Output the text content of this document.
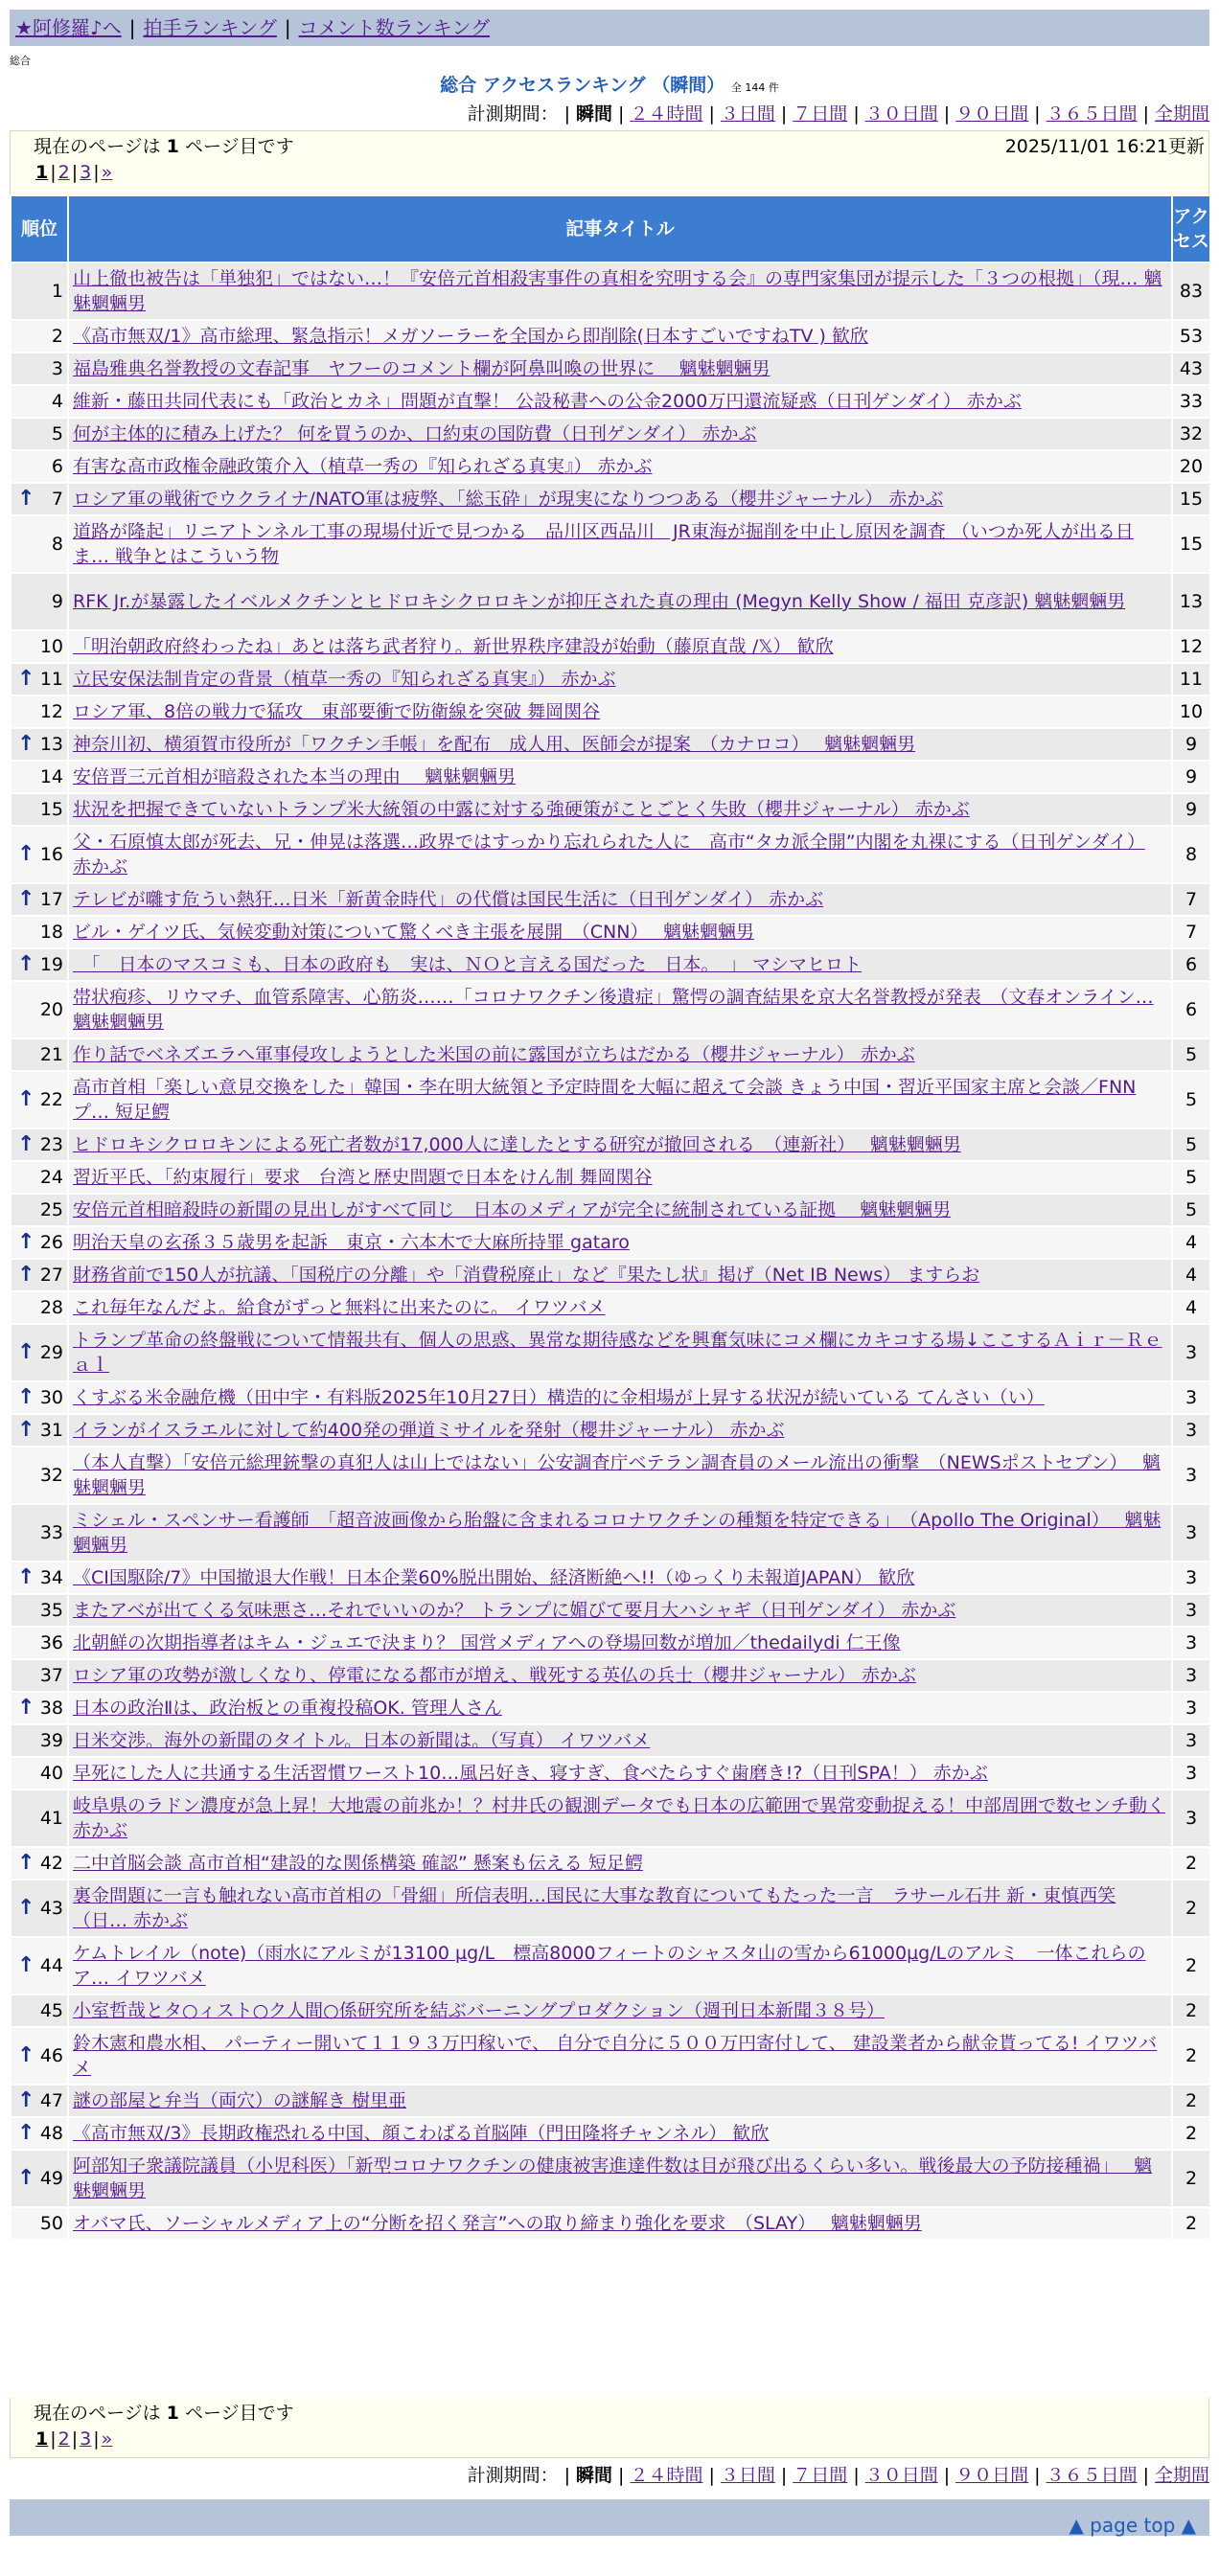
★阿修羅♪へ | 拍手ランキング | コメント数ランキング
総合
総合 アクセスランキング （瞬間） 全 144 件
計測期間： | 瞬間 | ２４時間 | ３日間 | ７日間 | ３０日間 | ９０日間 | ３６５日間 | 全期間
現在のページは 1 ページ目です	2025/11/01 16:21更新
1 | 2 | 3 | »
順位	記事タイトル	アクセス
1	山上徹也被告は「単独犯」ではない…！『安倍元首相殺害事件の真相を究明する会』の専門家集団が提示した「３つの根拠」（現… 魑魅魍魎男	83
2	《高市無双/1》高市総理、緊急指示！メガソーラーを全国から即削除(日本すごいですねTV ) 歓欣	53
3	福島雅典名誉教授の文春記事　ヤフーのコメント欄が阿鼻叫喚の世界に　 魑魅魍魎男	43
4	維新・藤田共同代表にも「政治とカネ」問題が直撃！ 公設秘書への公金2000万円還流疑惑（日刊ゲンダイ） 赤かぶ	33
5	何が主体的に積み上げた？ 何を買うのか、口約束の国防費（日刊ゲンダイ） 赤かぶ	32
6	有害な高市政権金融政策介入（植草一秀の『知られざる真実』） 赤かぶ	20

↑ 7	ロシア軍の戦術でウクライナ/NATO軍は疲弊、「総玉砕」が現実になりつつある（櫻井ジャーナル） 赤かぶ	15
8	道路が隆起」リニアトンネル工事の現場付近で見つかる　品川区西品川　JR東海が掘削を中止し原因を調査 （いつか死人が出る日ま… 戦争とはこういう物	15
9	RFK Jr.が暴露したイベルメクチンとヒドロキシクロロキンが抑圧された真の理由 (Megyn Kelly Show / 福田 克彦訳) 魑魅魍魎男	13
10	「明治朝政府終わったね」あとは落ち武者狩り。新世界秩序建設が始動（藤原直哉 /𝕏） 歓欣	12

↑ 11	立民安保法制肯定の背景（植草一秀の『知られざる真実』） 赤かぶ	11
12	ロシア軍、8倍の戦力で猛攻　東部要衝で防衛線を突破 舞岡関谷	10

↑ 13	神奈川初、横須賀市役所が「ワクチン手帳」を配布　成人用、医師会が提案　（カナロコ）　 魑魅魍魎男	9
14	安倍晋三元首相が暗殺された本当の理由　 魑魅魍魎男	9
15	状況を把握できていないトランプ米大統領の中露に対する強硬策がことごとく失敗（櫻井ジャーナル） 赤かぶ	9

↑ 16	父・石原慎太郎が死去、兄・伸晃は落選…政界ではすっかり忘れられた人に　高市“タカ派全開”内閣を丸裸にする（日刊ゲンダイ） 赤かぶ	8

↑ 17	テレビが囃す危うい熱狂…日米「新黄金時代」の代償は国民生活に（日刊ゲンダイ） 赤かぶ	7
18	ビル・ゲイツ氏、気候変動対策について驚くべき主張を展開　（CNN）　 魑魅魍魎男	7

↑ 19	　「　日本のマスコミも、日本の政府も　実は、ＮＯと言える国だった　日本。　」 マシマヒロト	6
20	帯状疱疹、リウマチ、血管系障害、心筋炎……「コロナワクチン後遺症」驚愕の調査結果を京大名誉教授が発表　（文春オンライン… 魑魅魍魎男	6
21	作り話でベネズエラへ軍事侵攻しようとした米国の前に露国が立ちはだかる（櫻井ジャーナル） 赤かぶ	5

↑ 22	高市首相「楽しい意見交換をした」韓国・李在明大統領と予定時間を大幅に超えて会談 きょう中国・習近平国家主席と会談／FNNプ… 短足鰐	5

↑ 23	ヒドロキシクロロキンによる死亡者数が17,000人に達したとする研究が撤回される　（連新社）　 魑魅魍魎男	5
24	習近平氏、「約束履行」要求　台湾と歴史問題で日本をけん制 舞岡関谷	5
25	安倍元首相暗殺時の新聞の見出しがすべて同じ　日本のメディアが完全に統制されている証拠　 魑魅魍魎男	5

↑ 26	明治天皇の玄孫３５歳男を起訴　東京・六本木で大麻所持罪 gataro	4

↑ 27	財務省前で150人が抗議、「国税庁の分離」や「消費税廃止」など『果たし状』掲げ（Net IB News） ますらお	4
28	これ毎年なんだよ。給食がずっと無料に出来たのに。 イワツバメ	4

↑ 29	トランプ革命の終盤戦について情報共有、個人の思惑、異常な期待感などを興奮気味にコメ欄にカキコする場↓ここするＡｉｒ－Ｒｅａｌ	3

↑ 30	くすぶる米金融危機（田中宇・有料版2025年10月27日）構造的に金相場が上昇する状況が続いている てんさい（い）	3

↑ 31	イランがイスラエルに対して約400発の弾道ミサイルを発射（櫻井ジャーナル） 赤かぶ	3
32	（本人直撃）「安倍元総理銃撃の真犯人は山上ではない」公安調査庁ベテラン調査員のメール流出の衝撃　（NEWSポストセブン）　 魑魅魍魎男	3
33	ミシェル・スペンサー看護師　「超音波画像から胎盤に含まれるコロナワクチンの種類を特定できる」　（Apollo The Original）　 魑魅魍魎男	3

↑ 34	《CI国駆除/7》中国撤退大作戦！日本企業60%脱出開始、経済断絶へ!!（ゆっくり未報道JAPAN） 歓欣	3
35	またアベが出てくる気味悪さ…それでいいのか？ トランプに媚びて要月大ハシャギ（日刊ゲンダイ） 赤かぶ	3
36	北朝鮮の次期指導者はキム・ジュエで決まり？ 国営メディアへの登場回数が増加／thedailydi 仁王像	3
37	ロシア軍の攻勢が激しくなり、停電になる都市が増え、戦死する英仏の兵士（櫻井ジャーナル） 赤かぶ	3

↑ 38	日本の政治Ⅱは、政治板との重複投稿OK. 管理人さん	3
39	日米交渉。海外の新聞のタイトル。日本の新聞は。（写真） イワツバメ	3
40	早死にした人に共通する生活習慣ワースト10…風呂好き、寝すぎ、食べたらすぐ歯磨き!?（日刊SPA！） 赤かぶ	3
41	岐阜県のラドン濃度が急上昇！大地震の前兆か！？村井氏の観測データでも日本の広範囲で異常変動捉える！中部周囲で数センチ動く 赤かぶ	3

↑ 42	二中首脳会談 高市首相“建設的な関係構築 確認” 懸案も伝える 短足鰐	2

↑ 43	裏金問題に一言も触れない高市首相の「骨細」所信表明…国民に大事な教育についてもたった一言　ラサール石井 新・東慎西笑（日… 赤かぶ	2

↑ 44	ケムトレイル（note)（雨水にアルミが13100 µg/L　標高8000フィートのシャスタ山の雪から61000µg/Lのアルミ　一体これらのア… イワツバメ	2
45	小室哲哉とタ○ィスト○ク人間○係研究所を結ぶバーニングプロダクション（週刊日本新聞３８号）	2

↑ 46	鈴木憲和農水相、 パーティー開いて１１９３万円稼いで、 自分で自分に５００万円寄付して、 建設業者から献金貰ってる! イワツバメ	2

↑ 47	謎の部屋と弁当（両穴）の謎解き 樹里亜	2

↑ 48	《高市無双/3》長期政権恐れる中国、顔こわばる首脳陣（門田隆将チャンネル） 歓欣	2

↑ 49	阿部知子衆議院議員（小児科医）「新型コロナワクチンの健康被害進達件数は目が飛び出るくらい多い。戦後最大の予防接種禍」　 魑魅魍魎男	2
50	オバマ氏、ソーシャルメディア上の“分断を招く発言”への取り締まり強化を要求　（SLAY）　 魑魅魍魎男	2
現在のページは 1 ページ目です
1 | 2 | 3 | »
計測期間： | 瞬間 | ２４時間 | ３日間 | ７日間 | ３０日間 | ９０日間 | ３６５日間 | 全期間
▲ page top ▲
